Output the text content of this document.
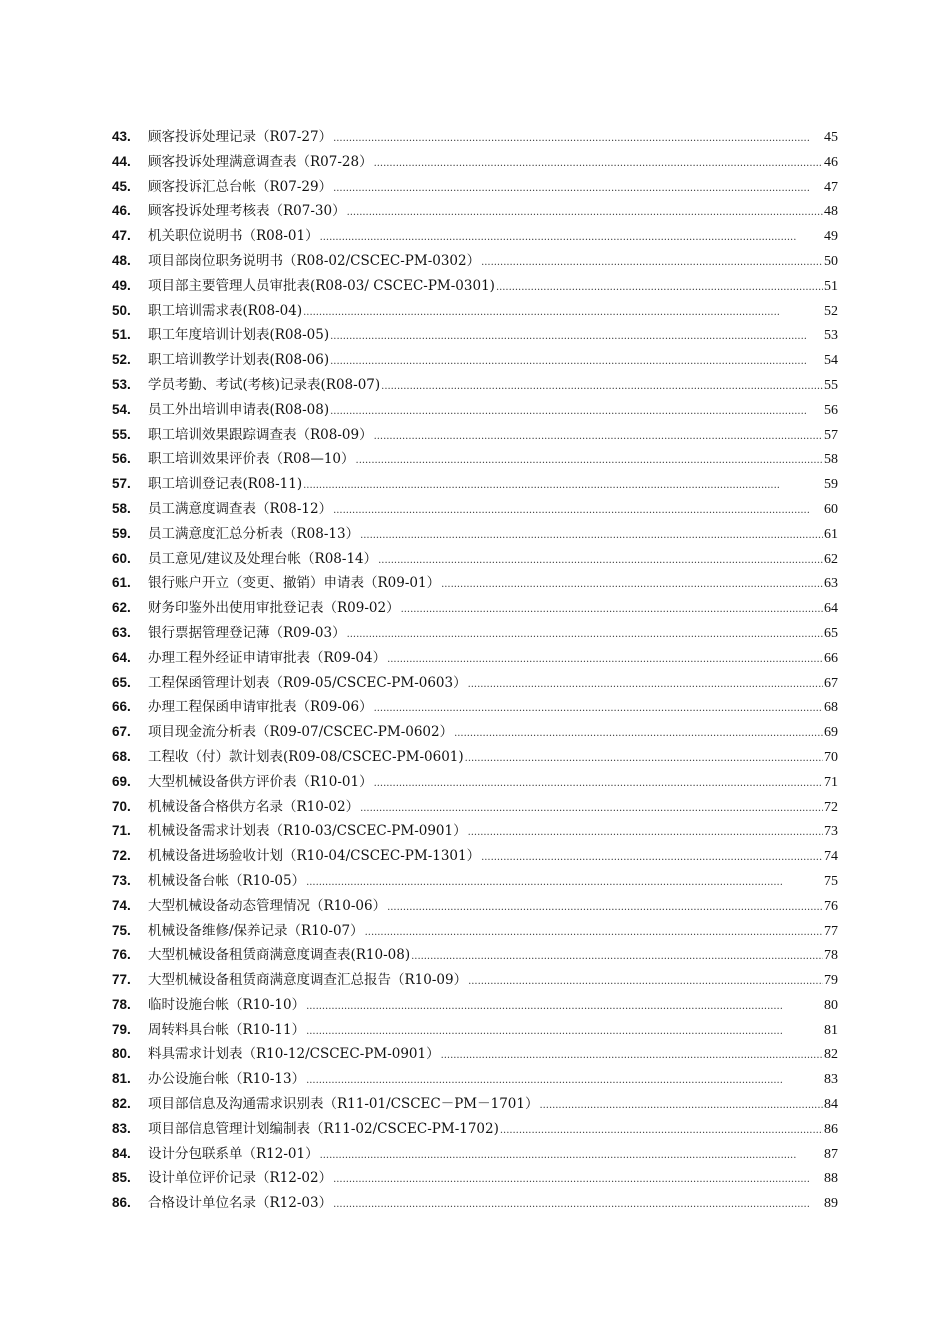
43.	顾客投诉处理记录（R07-27） . . .	45
44.	顾客投诉处理满意调查表（R07-28） . . .	46
45.	顾客投诉汇总台帐（R07-29） . . .	47
46.	顾客投诉处理考核表（R07-30） . . .	48
47.	机关职位说明书（R08-01） . . .	49
48.	项目部岗位职务说明书（R08-02/CSCEC-PM-0302） . . .	50
49.	项目部主要管理人员审批表(R08-03/ CSCEC-PM-0301) . . .	51
50.	职工培训需求表(R08-04) . . .	52
51.	职工年度培训计划表(R08-05) . . .	53
52.	职工培训教学计划表(R08-06) . . .	54
53.	学员考勤、考试(考核)记录表(R08-07) . . .	55
54.	员工外出培训申请表(R08-08) . . .	56
55.	职工培训效果跟踪调查表（R08-09） . . .	57
56.	职工培训效果评价表（R08—10） . . .	58
57.	职工培训登记表(R08-11) . . .	59
58.	员工满意度调查表（R08-12） . . .	60
59.	员工满意度汇总分析表（R08-13） . . .	61
60.	员工意见/建议及处理台帐（R08-14） . . .	62
61.	银行账户开立（变更、撤销）申请表（R09-01） . . .	63
62.	财务印鉴外出使用审批登记表（R09-02） . . .	64
63.	银行票据管理登记薄（R09-03） . . .	65
64.	办理工程外经证申请审批表（R09-04） . . .	66
65.	工程保函管理计划表（R09-05/CSCEC-PM-0603） . . .	67
66.	办理工程保函申请审批表（R09-06） . . .	68
67.	项目现金流分析表（R09-07/CSCEC-PM-0602） . . .	69
68.	工程收（付）款计划表(R09-08/CSCEC-PM-0601) . . .	70
69.	大型机械设备供方评价表（R10-01） . . .	71
70.	机械设备合格供方名录（R10-02） . . .	72
71.	机械设备需求计划表（R10-03/CSCEC-PM-0901） . . .	73
72.	机械设备进场验收计划（R10-04/CSCEC-PM-1301） . . .	74
73.	机械设备台帐（R10-05） . . .	75
74.	大型机械设备动态管理情况（R10-06） . . .	76
75.	机械设备维修/保养记录（R10-07） . . .	77
76.	大型机械设备租赁商满意度调查表(R10-08) . . .	78
77.	大型机械设备租赁商满意度调查汇总报告（R10-09） . . .	79
78.	临时设施台帐（R10-10） . . .	80
79.	周转料具台帐（R10-11） . . .	81
80.	料具需求计划表（R10-12/CSCEC-PM-0901） . . .	82
81.	办公设施台帐（R10-13） . . .	83
82.	项目部信息及沟通需求识别表（R11-01/CSCEC－PM－1701） . . .	84
83.	项目部信息管理计划编制表（R11-02/CSCEC-PM-1702) . . .	86
84.	设计分包联系单（R12-01） . . .	87
85.	设计单位评价记录（R12-02） . . .	88
86.	合格设计单位名录（R12-03） . . .	89
